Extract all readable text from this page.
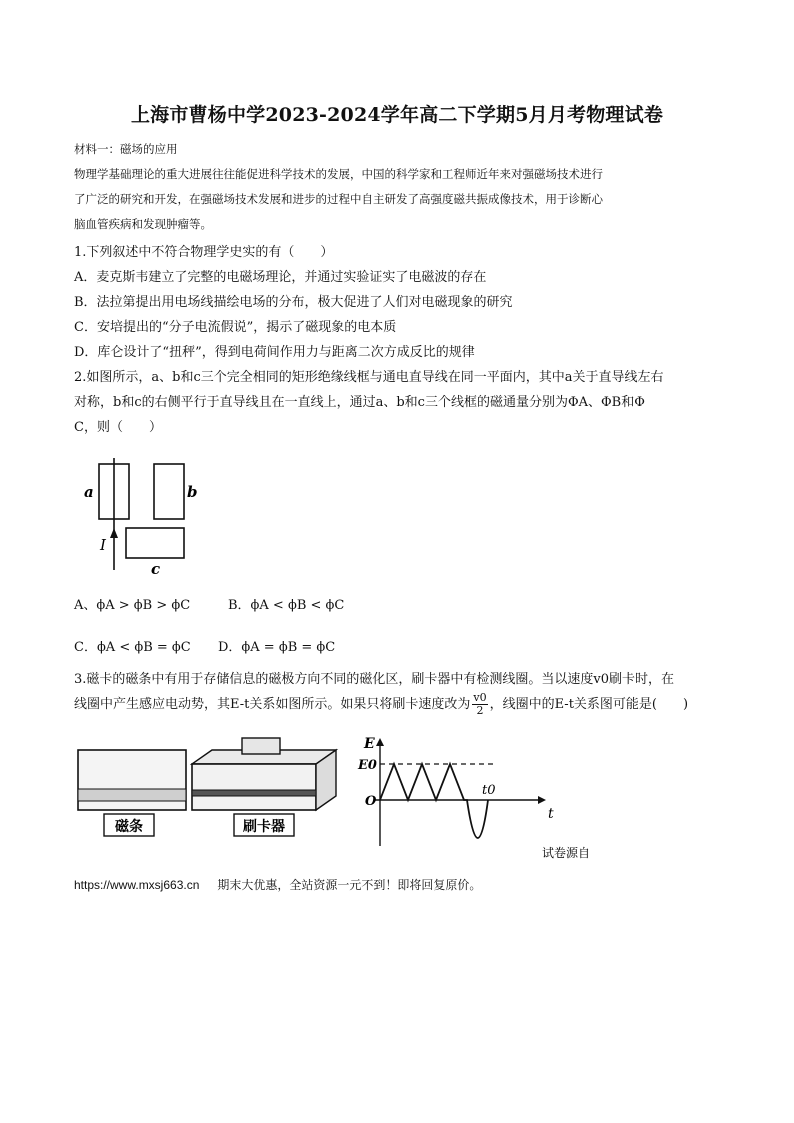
上海市曹杨中学2023-2024学年高二下学期5月月考物理试卷
材料一：磁场的应用
物理学基础理论的重大进展往往能促进科学技术的发展，中国的科学家和工程师近年来对强磁场技术进行
了广泛的研究和开发，在强磁场技术发展和进步的过程中自主研发了高强度磁共振成像技术，用于诊断心
脑血管疾病和发现肿瘤等。
1.下列叙述中不符合物理学史实的有（　　）
A．麦克斯韦建立了完整的电磁场理论，并通过实验证实了电磁波的存在
B．法拉第提出用电场线描绘电场的分布，极大促进了人们对电磁现象的研究
C．安培提出的“分子电流假说”，揭示了磁现象的电本质
D．库仑设计了“扭秤”，得到电荷间作用力与距离二次方成反比的规律
2.如图所示，a、b和c三个完全相同的矩形绝缘线框与通电直导线在同一平面内，其中a关于直导线左右
对称，b和c的右侧平行于直导线且在一直线上，通过a、b和c三个线框的磁通量分别为ΦA、ΦB和Φ
C，则（　　）
a	b
c
I
A、ϕA > ϕB > ϕC	B．ϕA < ϕB < ϕC
C．ϕA < ϕB = ϕC D．ϕA = ϕB = ϕC
3.磁卡的磁条中有用于存储信息的磁极方向不同的磁化区，刷卡器中有检测线圈。当以速度v0刷卡时，在
线圈中产生感应电动势，其E-t关系如图所示。如果只将刷卡速度改为 $\frac{v0}{2}$ ，线圈中的E-t关系图可能是(　　)
磁条	刷卡器
E
E0
O
t0
t
试卷源自
https://www.mxsj663.cn 期末大优惠，全站资源一元不到！即将回复原价。
